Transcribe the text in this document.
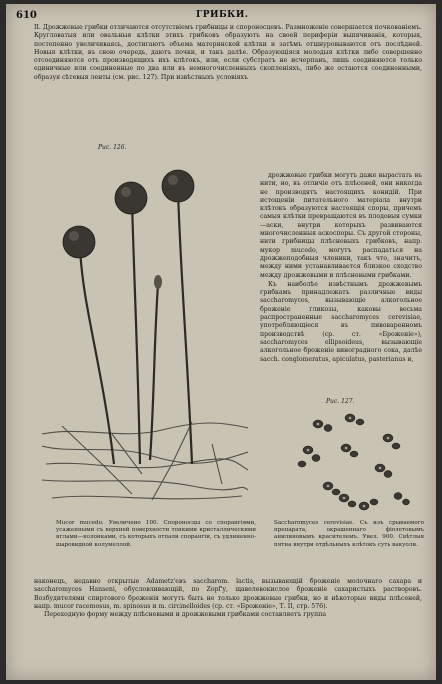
610	ГРИБКИ.

II. Дрожжевые грибки отличаются отсутствіемъ грибницы и спороносцевъ. Размноженіе совершается почкованіемъ. Кругловатыя или овальныя клѣтки этихъ грибковъ образуютъ на своей периферіи выпячиванія, которыя, постепенно увеличиваясь, достигаютъ объема материнской клѣтки и затѣмъ отшнуровываются отъ послѣдней. Новыя клѣтки, въ свою очередь, даютъ почки, и такъ далѣе. Образующіяся молодыя клѣтки либо совершенно отсоединяются отъ производящихъ ихъ клѣтокъ, или, если субстратъ не исчерпанъ, лишь соединяются только единичные или соединенные по два или въ немногочисленныхъ скопленіяхъ, либо же остаются соединенными, образуя сѣтевыя ленты (см. рис. 127). При извѣстныхъ условіяхъ

Рис. 126.

дрожжевые грибки могутъ даже вырастать въ нити, но, въ отличіе отъ плѣсеней, они никогда не производятъ настоящихъ конидій. При истощеніи питательного матеріала внутри клѣтокъ образуются настоящія споры, причемъ самыя клѣтки превращаются въ плодовыя сумки—аски, внутри которыхъ развиваются многочисленныя аскоспоры. Съ другой стороны, нити грибницы плѣсневыхъ грибковъ, напр. мукор mucedo, могутъ распадаться на дрожжеподобныя членики, такъ что, значитъ, между ними устанавливается близкое сходство между дрожжевыми и плѣсневыми грибками.

Къ наиболѣе извѣстнымъ дрожжевымъ грибкамъ принадлежатъ различные виды saccharomyces, вызывающіе алкогольное броженіе гликозы, каковы весьма распространенные saccharomyces cerevisiae, употребляющіеся въ пивоваренномъ производствѣ (ср. ст. «Броженіе»), saccharomyces ellipsoideus, вызывающіе алкогольное броженіе виноградного сока, далѣе sacch. conglomeratus, apiculatus, pasterianus и,

Рис. 127.
Mucor mucedo. Увеличено 100. Спороносцы со спорангіями, усаженными съ верхней поверхности тонкими кристаллическими иглами—колонками, съ которыхъ отпали спорангіи, съ удлиненно-шаровидной колумеллой.
Saccharomyces cerevisiae. Съ изъ срываемого препарата, окрашеннаго фіолетовымъ анилиновымъ красителемъ. Увел. 900. Свѣтлыя пятна внутри отдѣльныхъ клѣтокъ суть вакуоли.

наконецъ, недавно открытые Adametz'евъ saccharom. lactis, вызывающій броженіе молочнаго сахара и saccharomyces Hanseni, обусловливающій, по Zopf'у, щавелевокислое броженіе сахаристыхъ растворовъ. Возбудителями спиртового броженія могутъ быть не только дрожжевые грибки, но и нѣкоторые виды плѣсеней, напр. mucor racemosus, m. spinosus и m. circinelloides (ср. ст. «Броженіе», Т. II, стр. 576).

Переходную форму между плѣсневыми и дрожжевыми грибками составляетъ группа
